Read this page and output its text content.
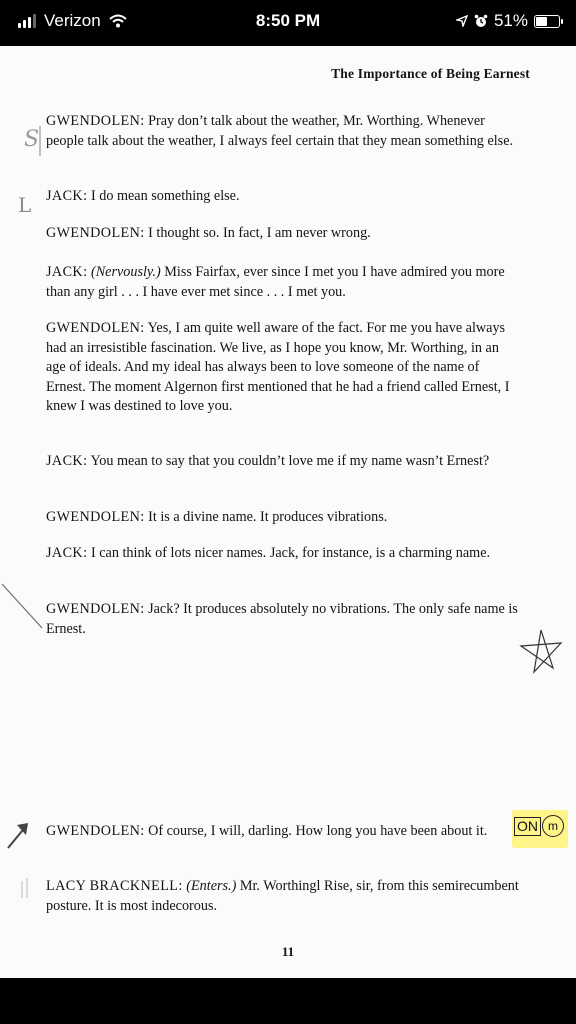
Verizon	8:50 PM	51%
The Importance of Being Earnest
GWENDOLEN: Pray don’t talk about the weather, Mr. Worthing. Whenever people talk about the weather, I always feel certain that they mean something else.
JACK: I do mean something else.
GWENDOLEN: I thought so. In fact, I am never wrong.
JACK: (Nervously.) Miss Fairfax, ever since I met you I have admired you more than any girl . . . I have ever met since . . . I met you.
GWENDOLEN: Yes, I am quite well aware of the fact. For me you have always had an irresistible fascination. We live, as I hope you know, Mr. Worthing, in an age of ideals. And my ideal has always been to love someone of the name of Ernest. The moment Algernon first mentioned that he had a friend called Ernest, I knew I was destined to love you.
JACK: You mean to say that you couldn’t love me if my name wasn’t Ernest?
GWENDOLEN: It is a divine name. It produces vibrations.
JACK: I can think of lots nicer names. Jack, for instance, is a charming name.
GWENDOLEN: Jack? It produces absolutely no vibrations. The only safe name is Ernest.
GWENDOLEN: Of course, I will, darling. How long you have been about it.
LACY BRACKNELL: (Enters.) Mr. Worthingl Rise, sir, from this semirecumbent posture. It is most indecorous.
11
ON m
S
L
